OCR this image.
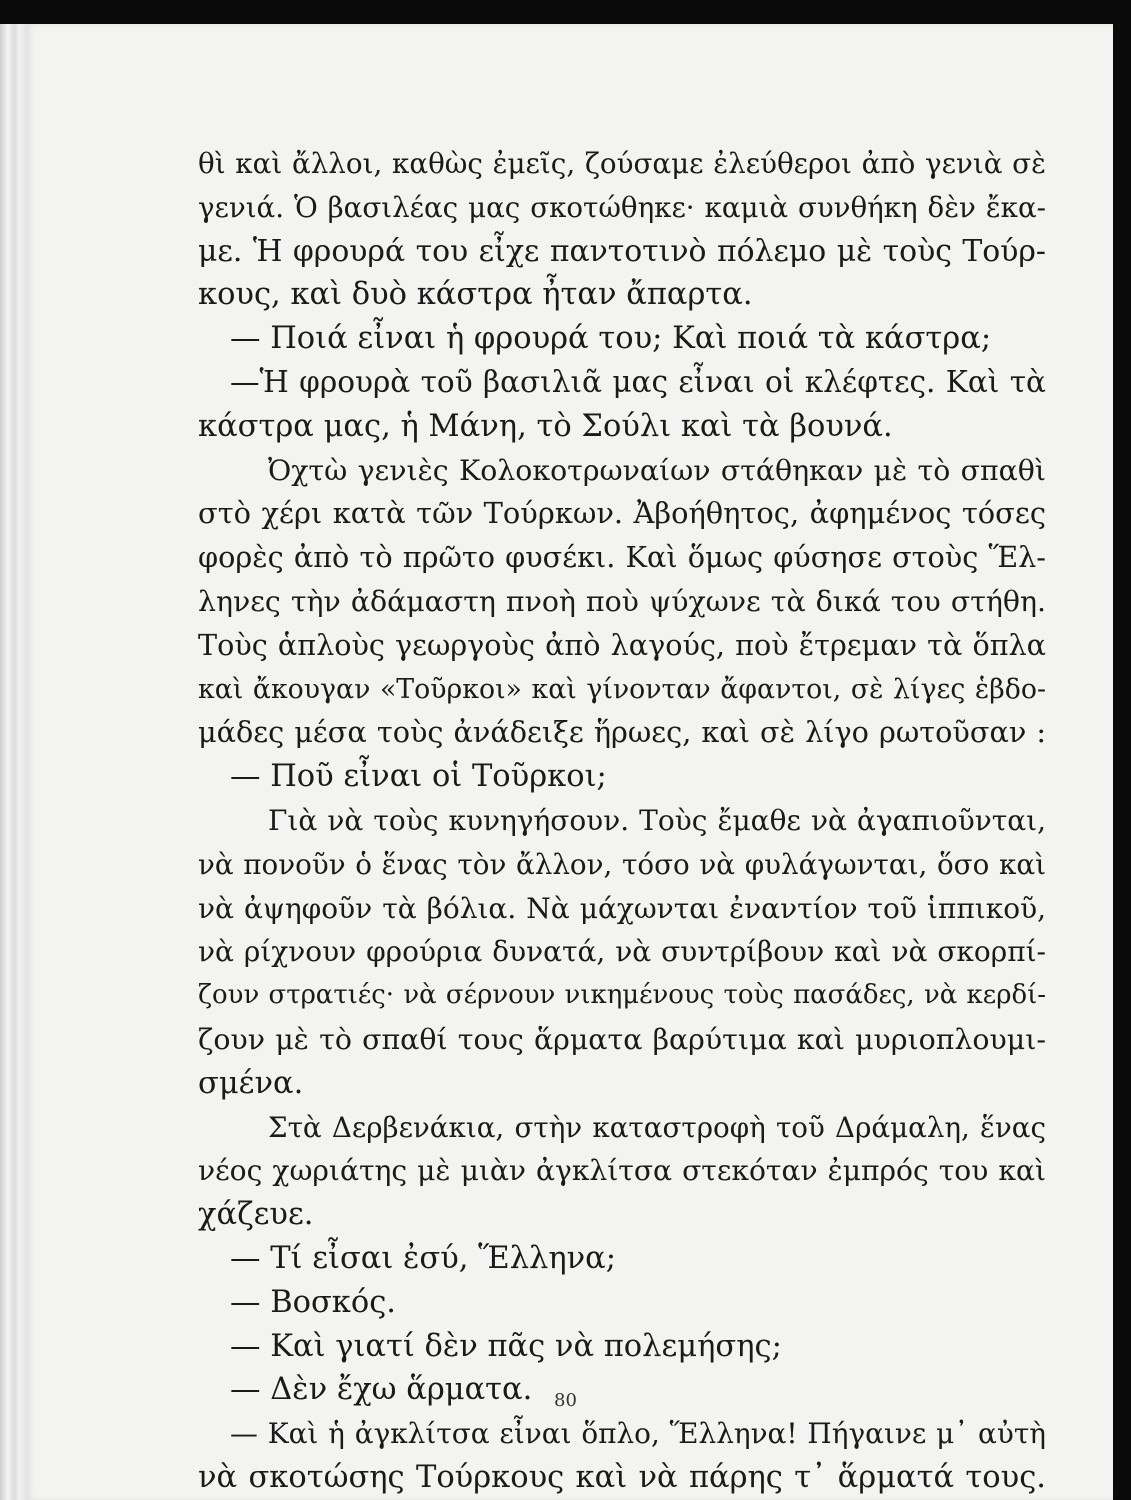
θὶ καὶ ἄλλοι, καθὼς ἐμεῖς, ζούσαμε ἐλεύθεροι ἀπὸ γενιὰ σὲ
γενιά. Ὁ βασιλέας μας σκοτώθηκε· καμιὰ συνθήκη δὲν ἔκα-
με. Ἡ φρουρά του εἶχε παντοτινὸ πόλεμο μὲ τοὺς Τούρ-
κους, καὶ δυὸ κάστρα ἦταν ἄπαρτα.
— Ποιά εἶναι ἡ φρουρά του; Καὶ ποιά τὰ κάστρα;
—Ἡ φρουρὰ τοῦ βασιλιᾶ μας εἶναι οἱ κλέφτες. Καὶ τὰ
κάστρα μας, ἡ Μάνη, τὸ Σούλι καὶ τὰ βουνά.
Ὀχτὼ γενιὲς Κολοκοτρωναίων στάθηκαν μὲ τὸ σπαθὶ
στὸ χέρι κατὰ τῶν Τούρκων. Ἀβοήθητος, ἀφημένος τόσες
φορὲς ἀπὸ τὸ πρῶτο φυσέκι. Καὶ ὅμως φύσησε στοὺς Ἕλ-
ληνες τὴν ἀδάμαστη πνοὴ ποὺ ψύχωνε τὰ δικά του στήθη.
Τοὺς ἁπλοὺς γεωργοὺς ἀπὸ λαγούς, ποὺ ἔτρεμαν τὰ ὅπλα
καὶ ἄκουγαν «Τοῦρκοι» καὶ γίνονταν ἄφαντοι, σὲ λίγες ἑβδο-
μάδες μέσα τοὺς ἀνάδειξε ἥρωες, καὶ σὲ λίγο ρωτοῦσαν :
— Ποῦ εἶναι οἱ Τοῦρκοι;
Γιὰ νὰ τοὺς κυνηγήσουν. Τοὺς ἔμαθε νὰ ἀγαπιοῦνται,
νὰ πονοῦν ὁ ἕνας τὸν ἄλλον, τόσο νὰ φυλάγωνται, ὅσο καὶ
νὰ ἀψηφοῦν τὰ βόλια. Νὰ μάχωνται ἐναντίον τοῦ ἱππικοῦ,
νὰ ρίχνουν φρούρια δυνατά, νὰ συντρίβουν καὶ νὰ σκορπί-
ζουν στρατιές· νὰ σέρνουν νικημένους τοὺς πασάδες, νὰ κερδί-
ζουν μὲ τὸ σπαθί τους ἅρματα βαρύτιμα καὶ μυριοπλουμι-
σμένα.
Στὰ Δερβενάκια, στὴν καταστροφὴ τοῦ Δράμαλη, ἕνας
νέος χωριάτης μὲ μιὰν ἀγκλίτσα στεκόταν ἐμπρός του καὶ
χάζευε.
— Τί εἶσαι ἐσύ, Ἕλληνα;
— Βοσκός.
— Καὶ γιατί δὲν πᾶς νὰ πολεμήσης;
— Δὲν ἔχω ἅρματα.
— Καὶ ἡ ἀγκλίτσα εἶναι ὅπλο, Ἕλληνα! Πήγαινε μ᾽ αὐτὴ
νὰ σκοτώσης Τούρκους καὶ νὰ πάρης τ᾽ ἅρματά τους.
80
